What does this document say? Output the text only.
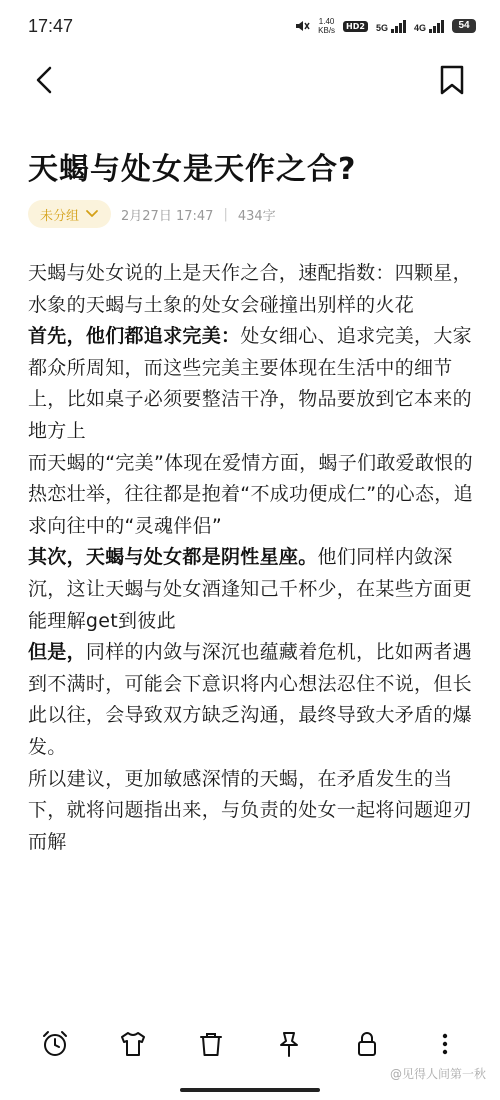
17:47	1.40
KB/s	HD2	5G	4G	54
天蝎与处女是天作之合?
未分组	2月27日 17:47 | 434字

天蝎与处女说的上是天作之合，速配指数：四颗星，水象的天蝎与土象的处女会碰撞出别样的火花

首先，他们都追求完美：处女细心、追求完美，大家都众所周知，而这些完美主要体现在生活中的细节上，比如桌子必须要整洁干净，物品要放到它本来的地方上

而天蝎的“完美”体现在爱情方面，蝎子们敢爱敢恨的热恋壮举，往往都是抱着“不成功便成仁”的心态，追求向往中的“灵魂伴侣”

其次，天蝎与处女都是阴性星座。他们同样内敛深沉，这让天蝎与处女酒逢知己千杯少，在某些方面更能理解get到彼此

但是，同样的内敛与深沉也蕴藏着危机，比如两者遇到不满时，可能会下意识将内心想法忍住不说，但长此以往，会导致双方缺乏沟通，最终导致大矛盾的爆发。

所以建议，更加敏感深情的天蝎，在矛盾发生的当下，就将问题指出来，与负责的处女一起将问题迎刃而解

@见得人间第一秋
